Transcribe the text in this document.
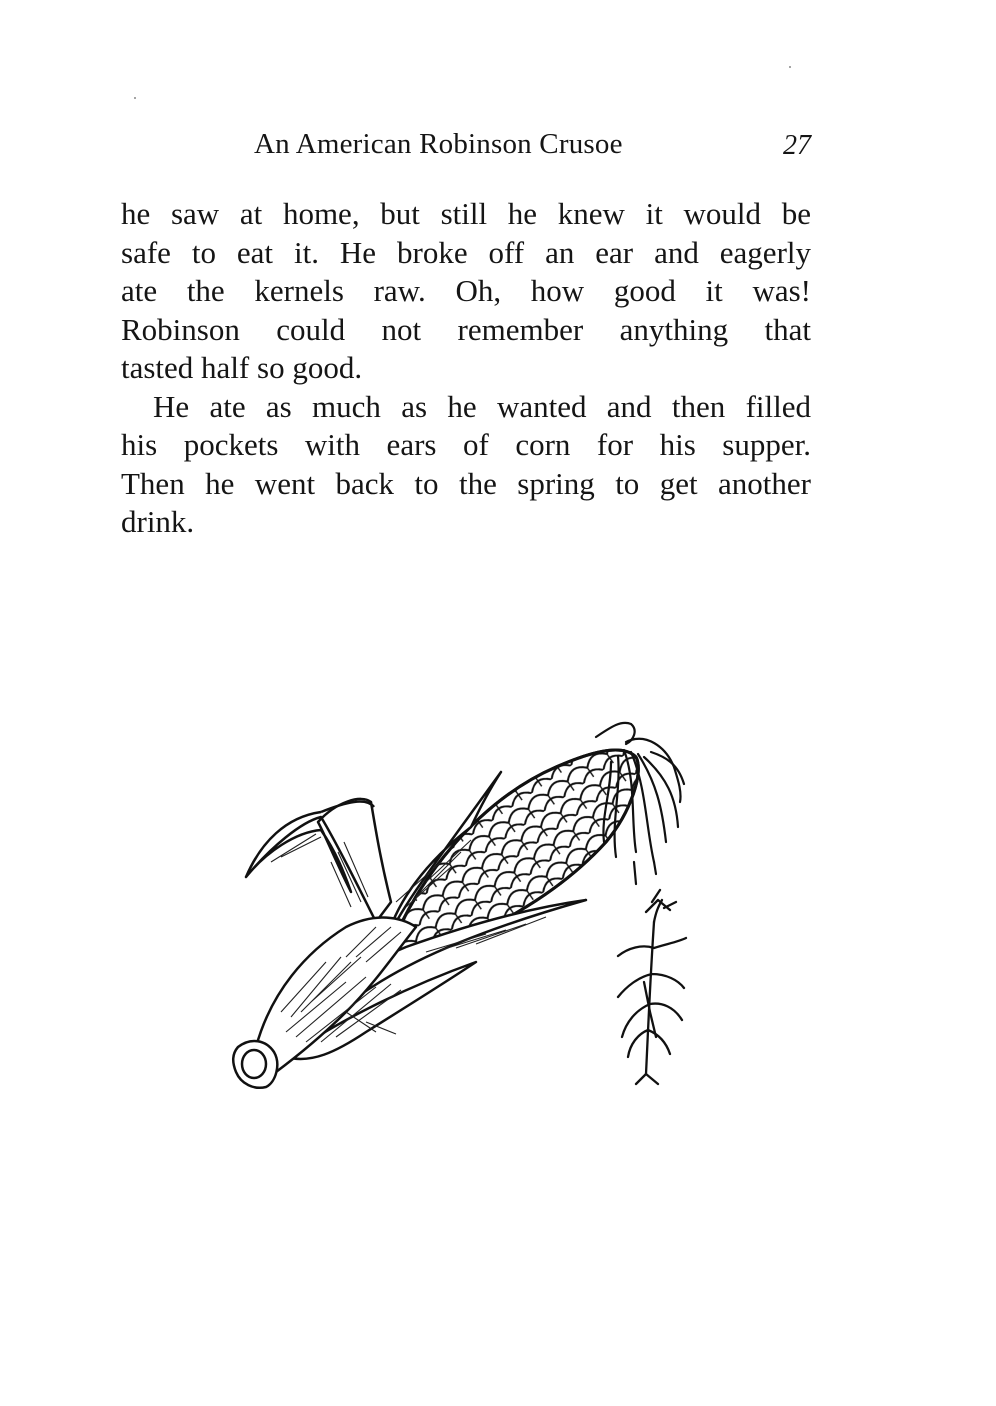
An American Robinson Crusoe	27
he saw at home, but still he knew it would be
safe to eat it. He broke off an ear and eagerly
ate the kernels raw. Oh, how good it was!
Robinson could not remember anything that
tasted half so good.
He ate as much as he wanted and then filled
his pockets with ears of corn for his supper.
Then he went back to the spring to get another
drink.
